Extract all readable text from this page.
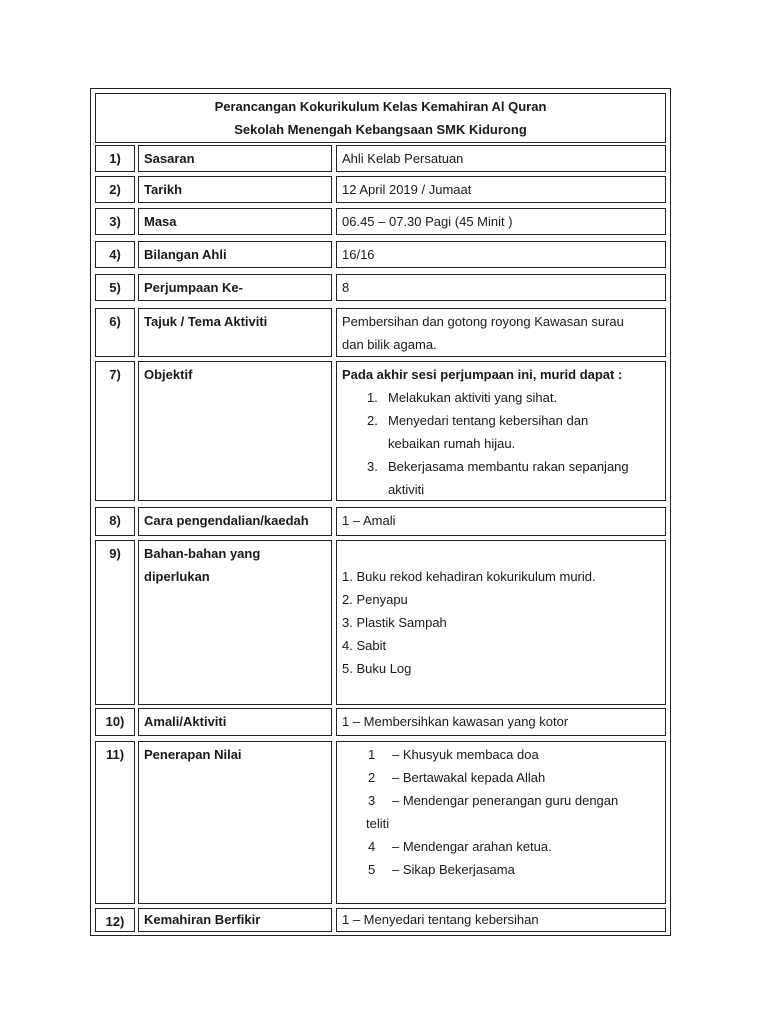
Perancangan Kokurikulum Kelas Kemahiran Al Quran
Sekolah Menengah Kebangsaan SMK Kidurong
1)	Sasaran	Ahli Kelab Persatuan
2)	Tarikh	12 April 2019 / Jumaat
3)	Masa	06.45 – 07.30 Pagi (45 Minit )
4)	Bilangan Ahli	16/16
5)	Perjumpaan Ke-	8
6)	Tajuk / Tema Aktiviti	Pembersihan dan gotong royong Kawasan surau
dan bilik agama.
7)	Objektif	Pada akhir sesi perjumpaan ini, murid dapat :
1. Melakukan aktiviti yang sihat.
2. Menyedari tentang kebersihan dan
kebaikan rumah hijau.
3. Bekerjasama membantu rakan sepanjang
aktiviti
8)	Cara pengendalian/kaedah	1 – Amali
9)	Bahan-bahan yang
diperlukan	1. Buku rekod kehadiran kokurikulum murid.
2. Penyapu
3. Plastik Sampah
4. Sabit
5. Buku Log
10)	Amali/Aktiviti	1 – Membersihkan kawasan yang kotor
11)	Penerapan Nilai	1 – Khusyuk membaca doa
2 – Bertawakal kepada Allah
3 – Mendengar penerangan guru dengan
teliti
4 – Mendengar arahan ketua.
5 – Sikap Bekerjasama
12)	Kemahiran Berfikir	1 – Menyedari tentang kebersihan
